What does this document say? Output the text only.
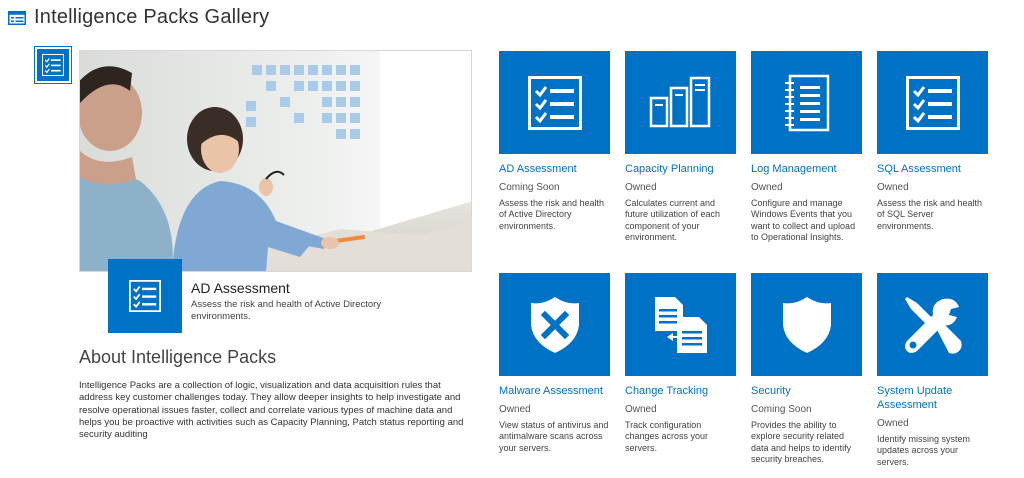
Intelligence Packs Gallery
AD Assessment
Assess the risk and health of Active Directory environments.
About Intelligence Packs

Intelligence Packs are a collection of logic, visualization and data acquisition rules that address key customer challenges today. They allow deeper insights to help investigate and resolve operational issues faster, collect and correlate various types of machine data and helps you be proactive with activities such as Capacity Planning, Patch status reporting and security auditing

AD Assessment
Coming Soon
Assess the risk and health of Active Directory environments.
Capacity Planning
Owned
Calculates current and future utilization of each component of your environment.
Log Management
Owned
Configure and manage Windows Events that you want to collect and upload to Operational Insights.
SQL Assessment
Owned
Assess the risk and health of SQL Server environments.
Malware Assessment
Owned
View status of antivirus and antimalware scans across your servers.
Change Tracking
Owned
Track configuration changes across your servers.
Security
Coming Soon
Provides the ability to explore security related data and helps to identify security breaches.
System Update Assessment
Owned
Identify missing system updates across your servers.
